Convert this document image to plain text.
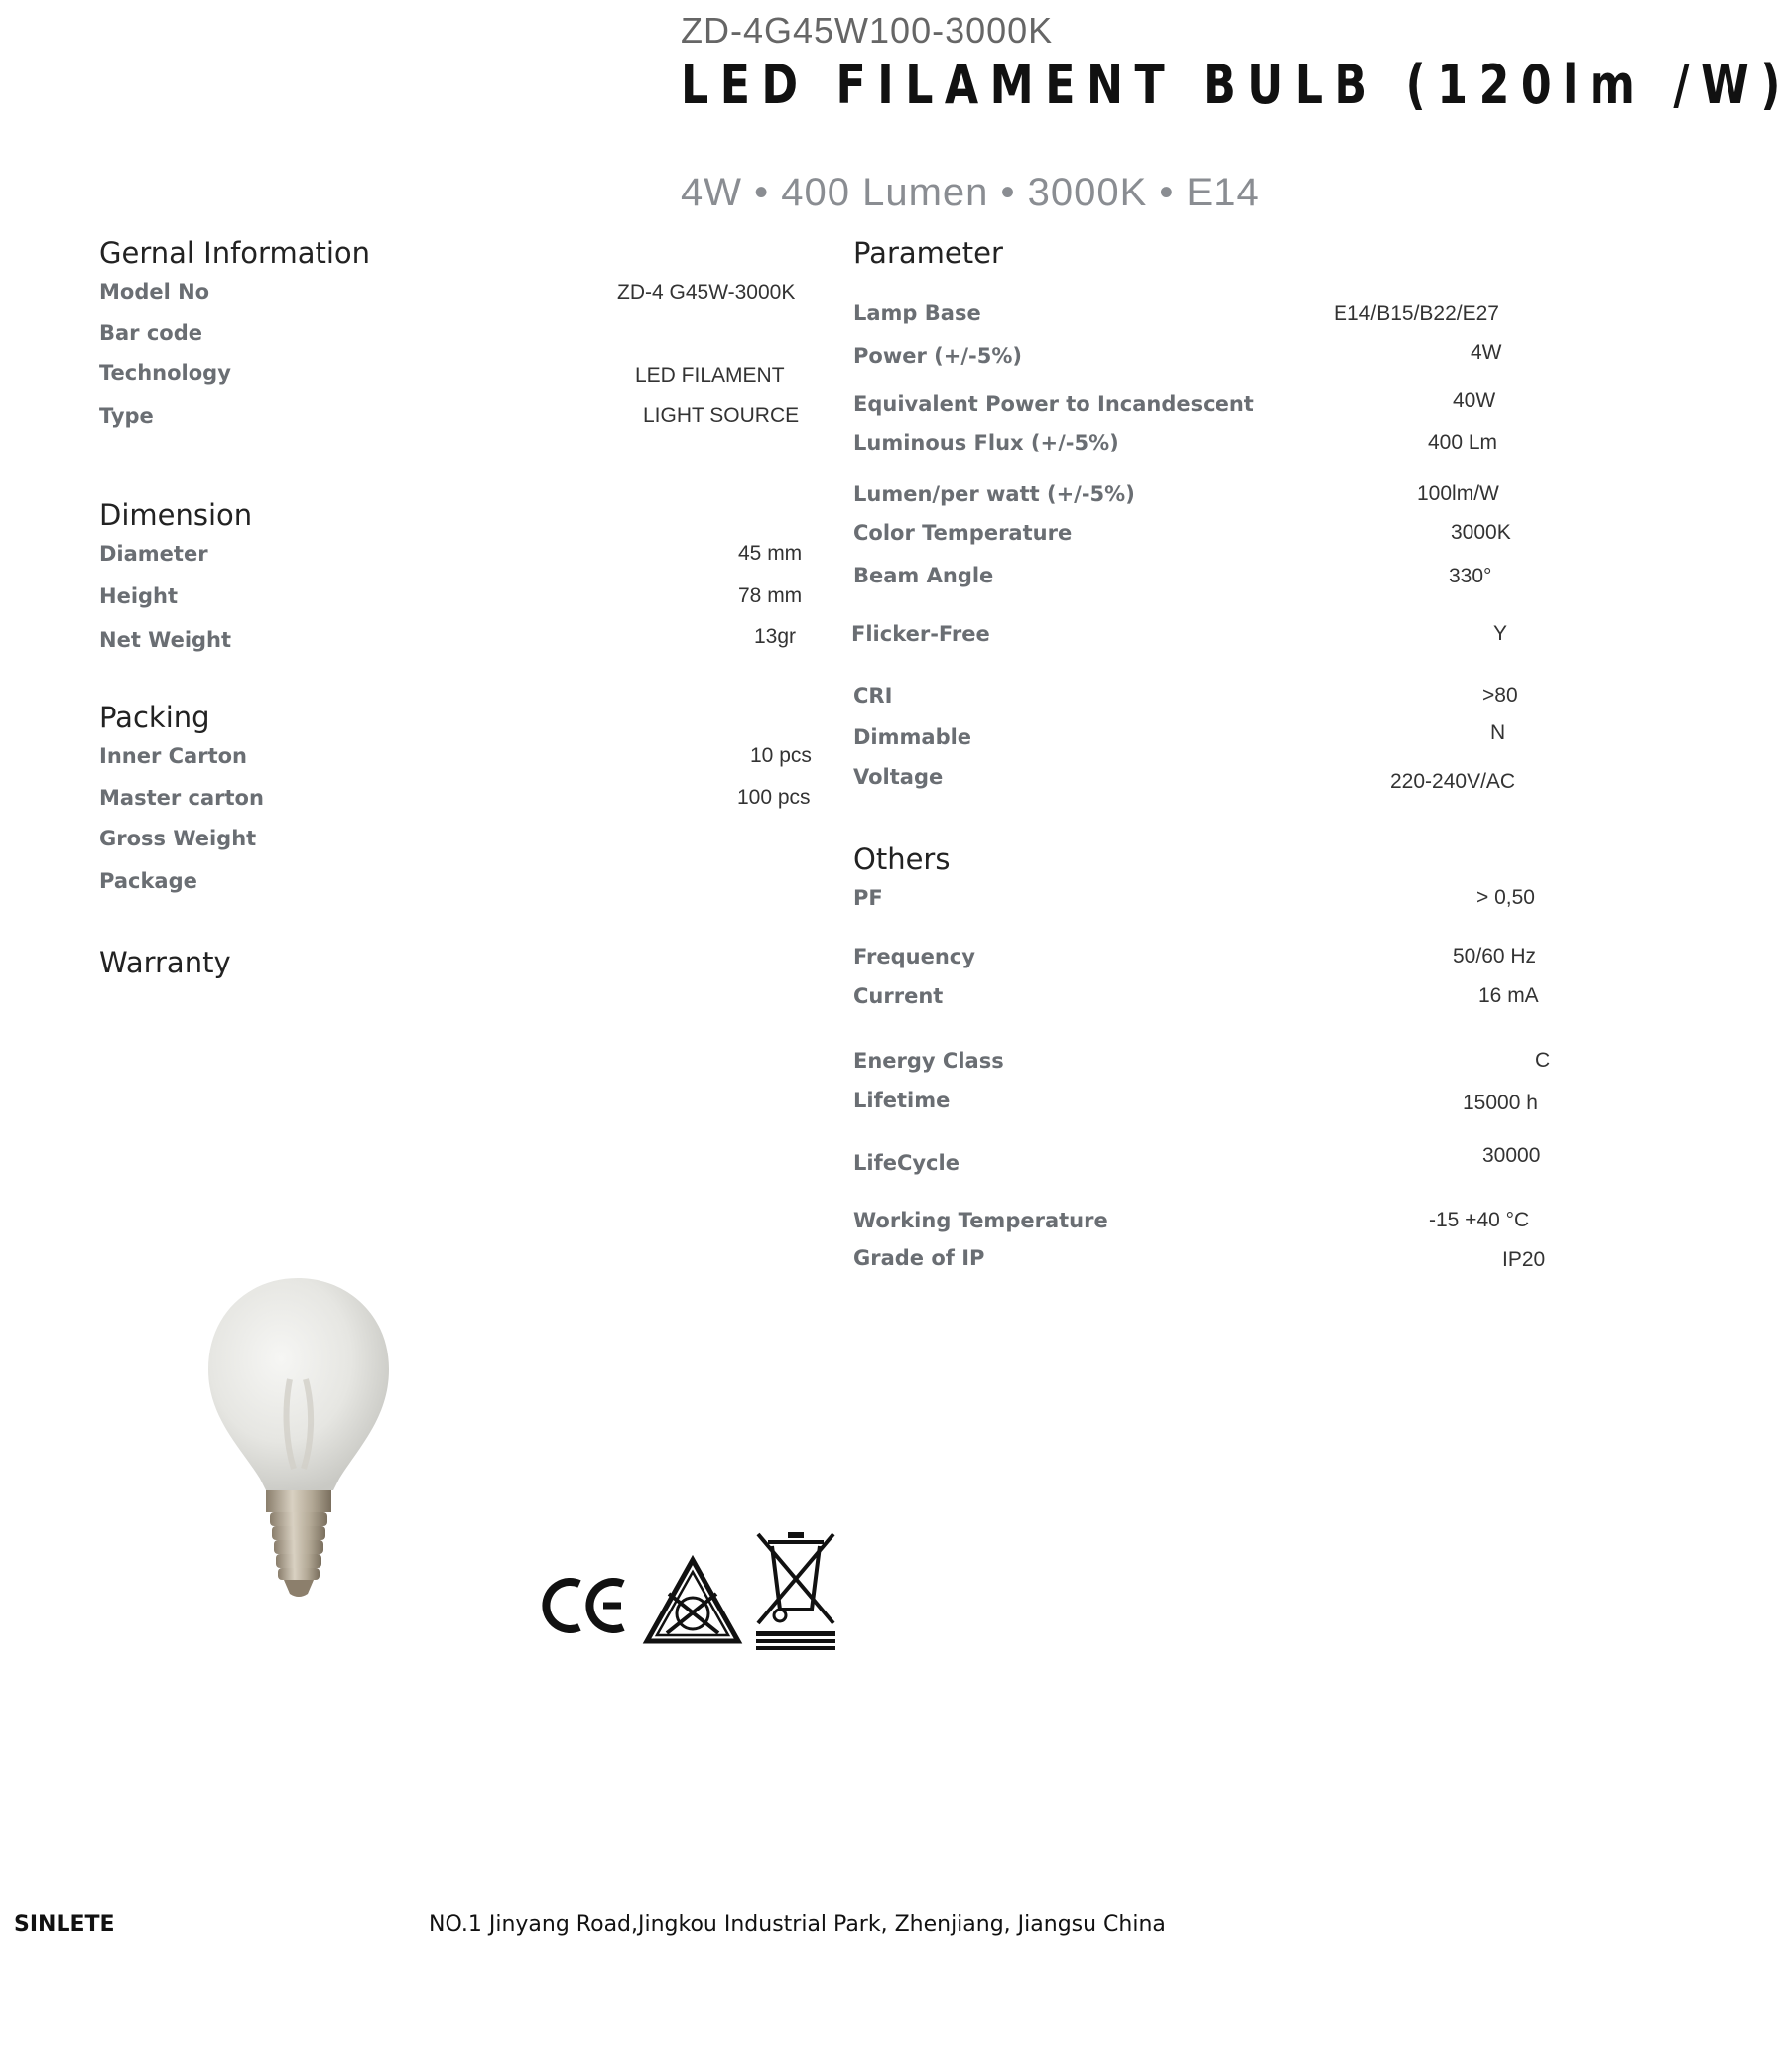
ZD-4G45W100-3000K
LED FILAMENT BULB (120lm /W)
4W • 400 Lumen • 3000K • E14
Gernal Information
Model No	ZD-4 G45W-3000K
Bar code
Technology	LED FILAMENT
Type	LIGHT SOURCE
Dimension
Diameter	45 mm
Height	78 mm
Net Weight	13gr
Packing
Inner Carton	10 pcs
Master carton	100 pcs
Gross Weight
Package
Warranty
Parameter
Lamp Base	E14/B15/B22/E27
Power (+/-5%)	4W
Equivalent Power to Incandescent	40W
Luminous Flux (+/-5%)	400 Lm
Lumen/per watt (+/-5%)	100lm/W
Color Temperature	3000K
Beam Angle	330°
Flicker-Free	Y
CRI	>80
Dimmable	N
Voltage	220-240V/AC
Others
PF	> 0,50
Frequency	50/60 Hz
Current	16 mA
Energy Class	C
Lifetime	15000 h
LifeCycle	30000
Working Temperature	-15 +40 °C
Grade of IP	IP20
SINLETE	NO.1 Jinyang Road,Jingkou Industrial Park, Zhenjiang, Jiangsu China
